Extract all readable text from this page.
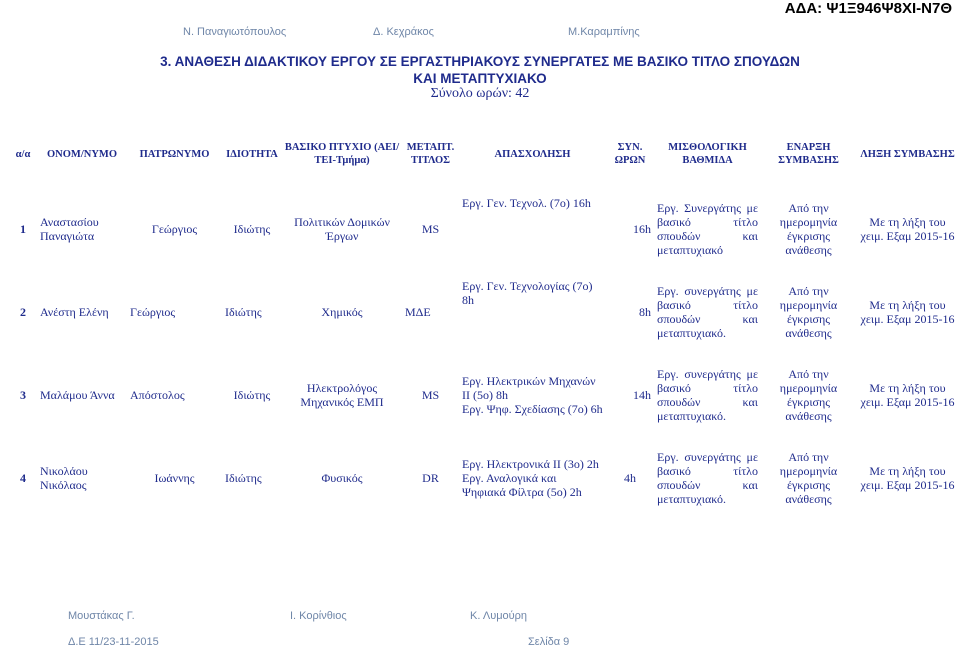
ΑΔΑ: Ψ1Ξ946Ψ8ΧΙ-Ν7Θ
Ν. Παναγιωτόπουλος	Δ. Κεχράκος	Μ.Καραμπίνης
3. ΑΝΑΘΕΣΗ ΔΙΔΑΚΤΙΚΟΥ ΕΡΓΟΥ ΣΕ ΕΡΓΑΣΤΗΡΙΑΚΟΥΣ ΣΥΝΕΡΓΑΤΕΣ ΜΕ ΒΑΣΙΚΟ ΤΙΤΛΟ ΣΠΟΥΔΩΝ
ΚΑΙ ΜΕΤΑΠΤΥΧΙΑΚΟ
Σύνολο ωρών: 42
α/α	ΟΝΟΜ/ΝΥΜΟ	ΠΑΤΡΩΝΥΜΟ	ΙΔΙΟΤΗΤΑ	ΒΑΣΙΚΟ ΠΤΥΧΙΟ (ΑΕΙ/ΤΕΙ-Τμήμα)	ΜΕΤΑΠΤ. ΤΙΤΛΟΣ	ΑΠΑΣΧΟΛΗΣΗ	ΣΥΝ. ΩΡΩΝ	ΜΙΣΘΟΛΟΓΙΚΗ ΒΑΘΜΙΔΑ	ΕΝΑΡΞΗ ΣΥΜΒΑΣΗΣ	ΛΗΞΗ ΣΥΜΒΑΣΗΣ

1	Αναστασίου Παναγιώτα	Γεώργιος	Ιδιώτης	Πολιτικών Δομικών Έργων	MS	Εργ. Γεν. Τεχνολ. (7ο) 16h	16h	Εργ. Συνεργάτης με βασικό τίτλο σπουδών και μεταπτυχιακό	Από την ημερομηνία έγκρισης ανάθεσης	Με τη λήξη του χειμ. Εξαμ 2015-16

2	Ανέστη Ελένη	Γεώργιος	Ιδιώτης	Χημικός	ΜΔΕ	Εργ. Γεν. Τεχνολογίας (7ο) 8h	8h	Εργ. συνεργάτης με βασικό τίτλο σπουδών και μεταπτυχιακό.	Από την ημερομηνία έγκρισης ανάθεσης	Με τη λήξη του χειμ. Εξαμ 2015-16

3	Μαλάμου Άννα	Απόστολος	Ιδιώτης	Ηλεκτρολόγος Μηχανικός ΕΜΠ	MS	Εργ. Ηλεκτρικών Μηχανών ΙΙ (5ο) 8h
Εργ. Ψηφ. Σχεδίασης (7ο) 6h	14h	Εργ. συνεργάτης με βασικό τίτλο σπουδών και μεταπτυχιακό.	Από την ημερομηνία έγκρισης ανάθεσης	Με τη λήξη του χειμ. Εξαμ 2015-16

4	Νικολάου Νικόλαος	Ιωάννης	Ιδιώτης	Φυσικός	DR	Εργ. Ηλεκτρονικά ΙΙ (3ο) 2h
Εργ. Αναλογικά και Ψηφιακά Φίλτρα (5ο) 2h	4h	Εργ. συνεργάτης με βασικό τίτλο σπουδών και μεταπτυχιακό.	Από την ημερομηνία έγκρισης ανάθεσης	Με τη λήξη του χειμ. Εξαμ 2015-16
Μουστάκας Γ.	Ι. Κορίνθιος	Κ. Λυμούρη
Δ.Ε 11/23-11-2015	Σελίδα 9
